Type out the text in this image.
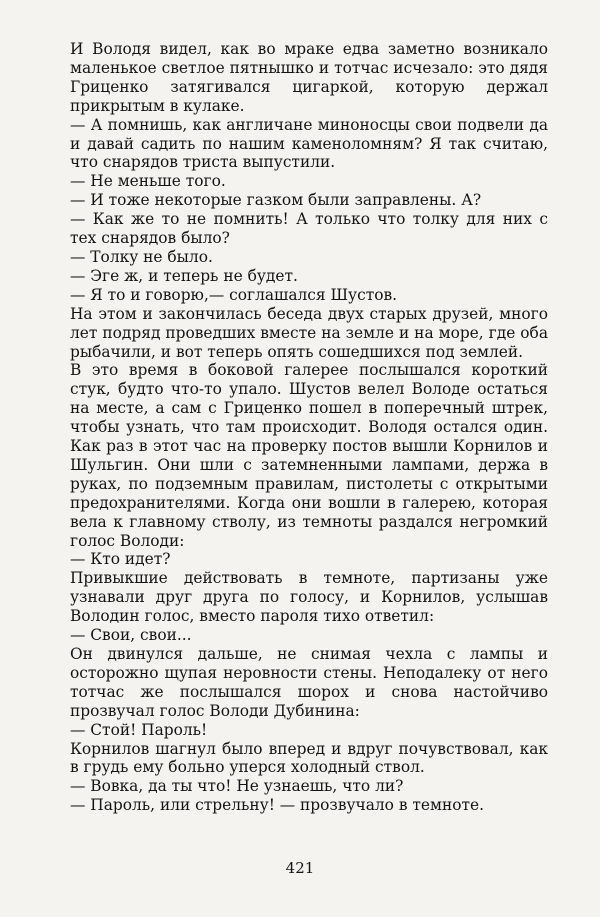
И Володя видел, как во мраке едва заметно возникало маленькое светлое пятнышко и тотчас исчезало: это дядя Гриценко затягивался цигаркой, которую держал прикрытым в кулаке.

— А помнишь, как англичане миноносцы свои подвели да и давай садить по нашим каменоломням? Я так считаю, что снарядов триста выпустили.

— Не меньше того.

— И тоже некоторые газком были заправлены. А?

— Как же то не помнить! А только что толку для них с тех снарядов было?

— Толку не было.

— Эге ж, и теперь не будет.

— Я то и говорю,— соглашался Шустов.

На этом и закончилась беседа двух старых друзей, много лет подряд проведших вместе на земле и на море, где оба рыбачили, и вот теперь опять сошедшихся под землей.

В это время в боковой галерее послышался короткий стук, будто что-то упало. Шустов велел Володе остаться на месте, а сам с Гриценко пошел в поперечный штрек, чтобы узнать, что там происходит. Володя остался один. Как раз в этот час на проверку постов вышли Корнилов и Шульгин. Они шли с затемненными лампами, держа в руках, по подземным правилам, пистолеты с открытыми предохранителями. Когда они вошли в галерею, которая вела к главному стволу, из темноты раздался негромкий голос Володи:

— Кто идет?

Привыкшие действовать в темноте, партизаны уже узнавали друг друга по голосу, и Корнилов, услышав Володин голос, вместо пароля тихо ответил:

— Свои, свои...

Он двинулся дальше, не снимая чехла с лампы и осторожно щупая неровности стены. Неподалеку от него тотчас же послышался шорох и снова настойчиво прозвучал голос Володи Дубинина:

— Стой! Пароль!

Корнилов шагнул было вперед и вдруг почувствовал, как в грудь ему больно уперся холодный ствол.

— Вовка, да ты что! Не узнаешь, что ли?

— Пароль, или стрельну! — прозвучало в темноте.

421
